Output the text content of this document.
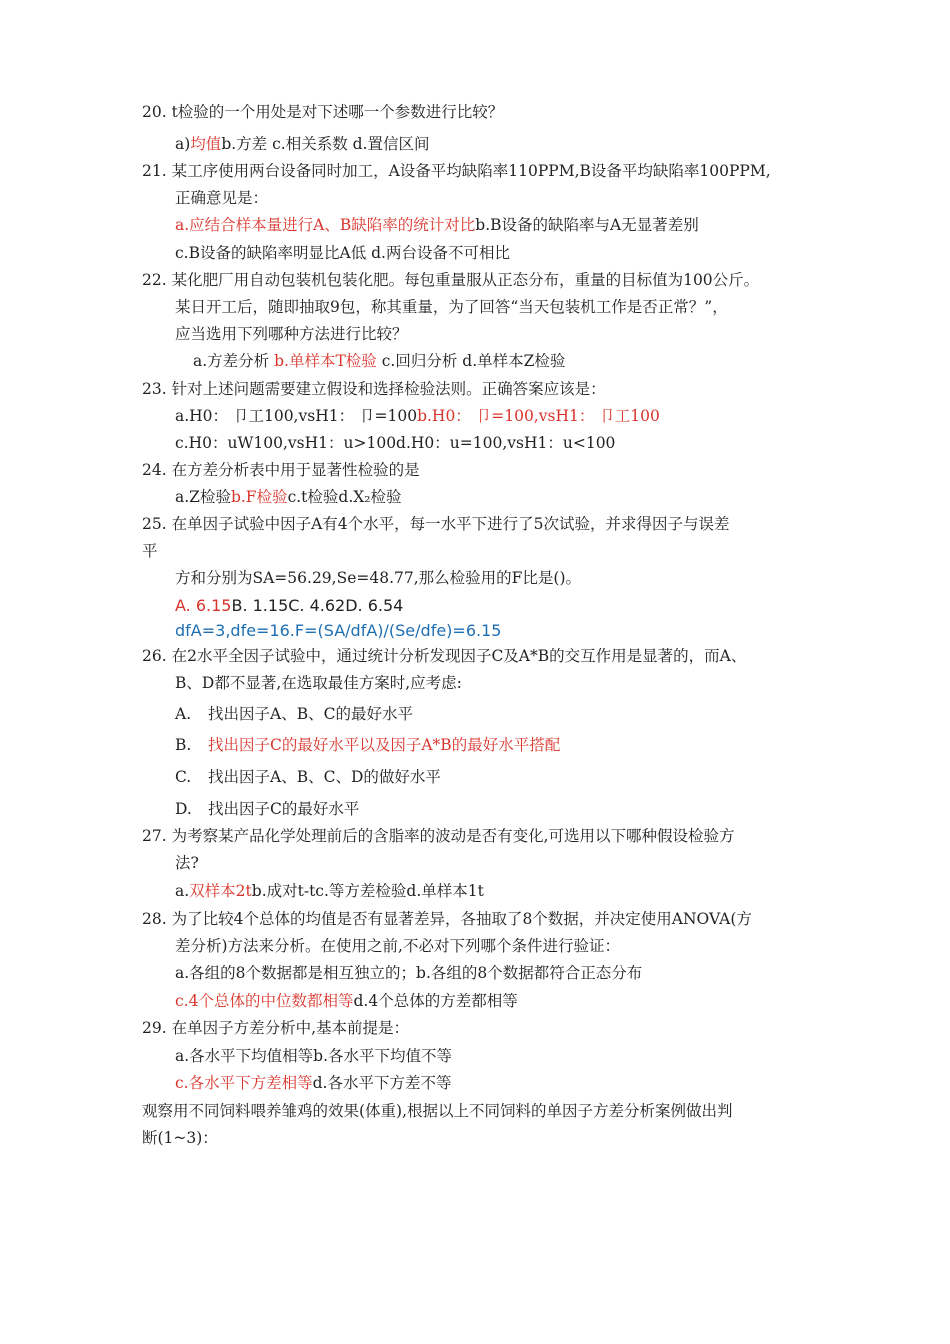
20. t检验的一个用处是对下述哪一个参数进行比较？
a)均值b.方差 c.相关系数 d.置信区间
21. 某工序使用两台设备同时加工，A设备平均缺陷率110PPM,B设备平均缺陷率100PPM,
正确意见是：
a.应结合样本量进行A、B缺陷率的统计对比b.B设备的缺陷率与A无显著差别
c.B设备的缺陷率明显比A低 d.两台设备不可相比
22. 某化肥厂用自动包装机包装化肥。每包重量服从正态分布，重量的目标值为100公斤。
某日开工后，随即抽取9包，称其重量，为了回答“当天包装机工作是否正常？”，
应当选用下列哪种方法进行比较？
a.方差分析 b.单样本T检验 c.回归分析 d.单样本Z检验
23. 针对上述问题需要建立假设和选择检验法则。正确答案应该是：
a.H0： 卩工100,vsH1： 卩=100b.H0： 卩=100,vsH1： 卩工100
c.H0：uW100,vsH1：u>100d.H0：u=100,vsH1：u<100
24. 在方差分析表中用于显著性检验的是
a.Z检验b.F检验c.t检验d.X₂检验
25. 在单因子试验中因子A有4个水平，每一水平下进行了5次试验，并求得因子与误差
平
方和分别为SA=56.29,Se=48.77,那么检验用的F比是()。
A. 6.15B. 1.15C. 4.62D. 6.54
dfA=3,dfe=16.F=(SA/dfA)/(Se/dfe)=6.15
26. 在2水平全因子试验中，通过统计分析发现因子C及A*B的交互作用是显著的，而A、
B、D都不显著,在选取最佳方案时,应考虑:
A. 找出因子A、B、C的最好水平
B. 找出因子C的最好水平以及因子A*B的最好水平搭配
C. 找出因子A、B、C、D的做好水平
D. 找出因子C的最好水平
27. 为考察某产品化学处理前后的含脂率的波动是否有变化,可选用以下哪种假设检验方
法?
a.双样本2tb.成对t-tc.等方差检验d.单样本1t
28. 为了比较4个总体的均值是否有显著差异，各抽取了8个数据，并决定使用ANOVA(方
差分析)方法来分析。在使用之前,不必对下列哪个条件进行验证：
a.各组的8个数据都是相互独立的；b.各组的8个数据都符合正态分布
c.4个总体的中位数都相等d.4个总体的方差都相等
29. 在单因子方差分析中,基本前提是：
a.各水平下均值相等b.各水平下均值不等
c.各水平下方差相等d.各水平下方差不等
观察用不同饲料喂养雏鸡的效果(体重),根据以上不同饲料的单因子方差分析案例做出判
断(1~3)：
